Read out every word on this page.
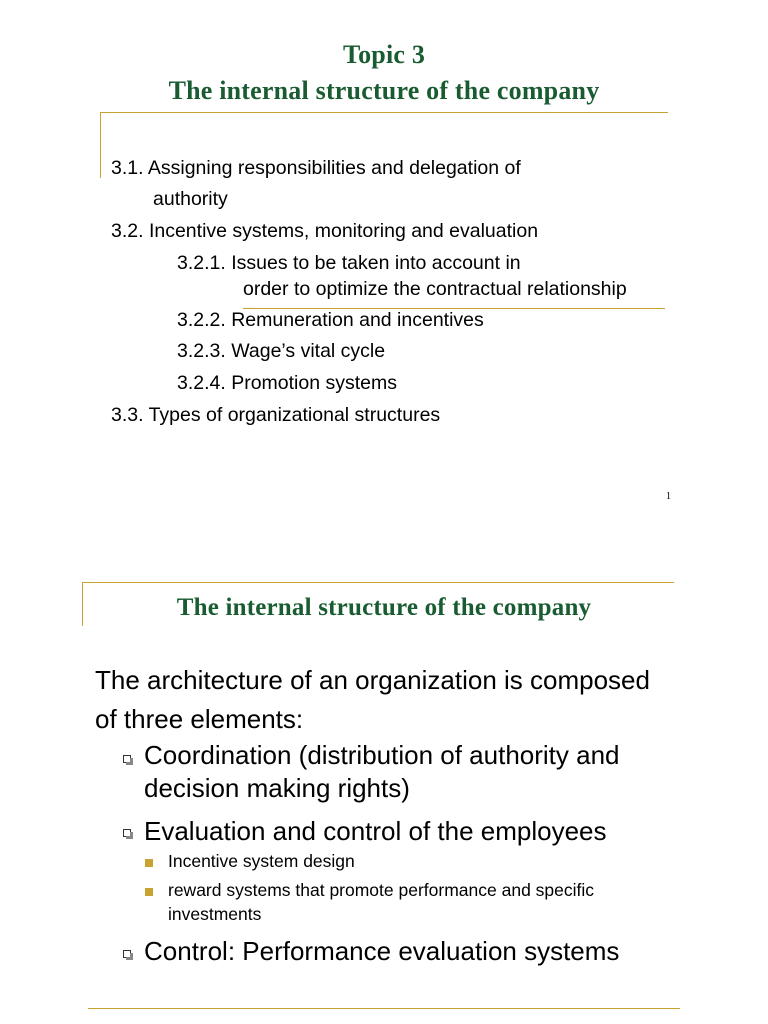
Topic 3
The internal structure of the company
3.1. Assigning responsibilities and delegation of
authority
3.2. Incentive systems, monitoring and evaluation
3.2.1. Issues to be taken into account in
order to optimize the contractual relationship
3.2.2. Remuneration and incentives
3.2.3. Wage’s vital cycle
3.2.4. Promotion systems
3.3. Types of organizational structures
1
The internal structure of the company
The architecture of an organization is composed
of three elements:
Coordination (distribution of authority and
decision making rights)
Evaluation and control of the employees
Incentive system design
reward systems that promote performance and specific
investments
Control: Performance evaluation systems
